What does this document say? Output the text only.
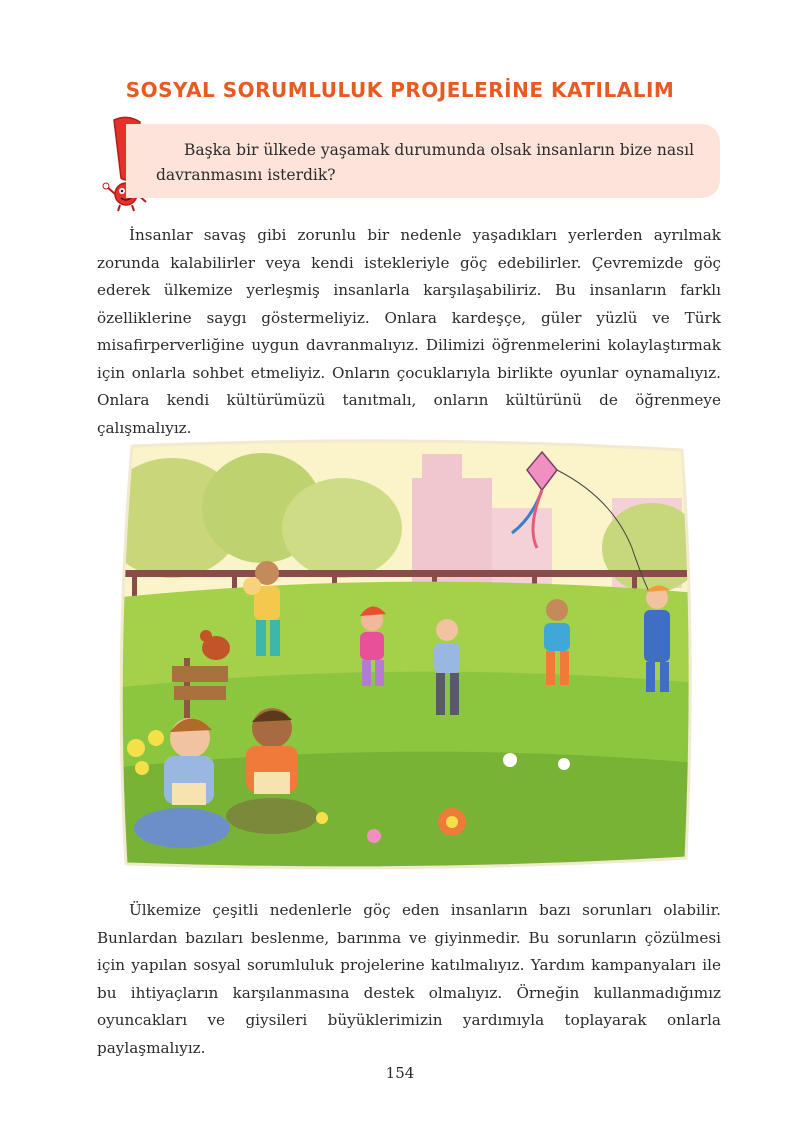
SOSYAL SORUMLULUK PROJELERİNE KATILALIM
Başka bir ülkede yaşamak durumunda olsak insanların bize nasıl davranmasını isterdik?

İnsanlar savaş gibi zorunlu bir nedenle yaşadıkları yerlerden ayrılmak zorunda kalabilirler veya kendi istekleriyle göç edebilirler. Çevremizde göç ederek ülkemize yerleşmiş insanlarla karşılaşabiliriz. Bu insanların farklı özelliklerine saygı göstermeliyiz. Onlara kardeşçe, güler yüzlü ve Türk misafirperverliğine uygun davranmalıyız. Dilimizi öğrenmelerini kolaylaştırmak için onlarla sohbet etmeliyiz. Onların çocuklarıyla birlikte oyunlar oynamalıyız. Onlara kendi kültürümüzü tanıtmalı, onların kültürünü de öğrenmeye çalışmalıyız.

Ülkemize çeşitli nedenlerle göç eden insanların bazı sorunları olabilir. Bunlardan bazıları beslenme, barınma ve giyinmedir. Bu sorunların çözülmesi için yapılan sosyal sorumluluk projelerine katılmalıyız. Yardım kampanyaları ile bu ihtiyaçların karşılanmasına destek olmalıyız. Örneğin kullanmadığımız oyuncakları ve giysileri büyüklerimizin yardımıyla toplayarak onlarla paylaşmalıyız.

154
